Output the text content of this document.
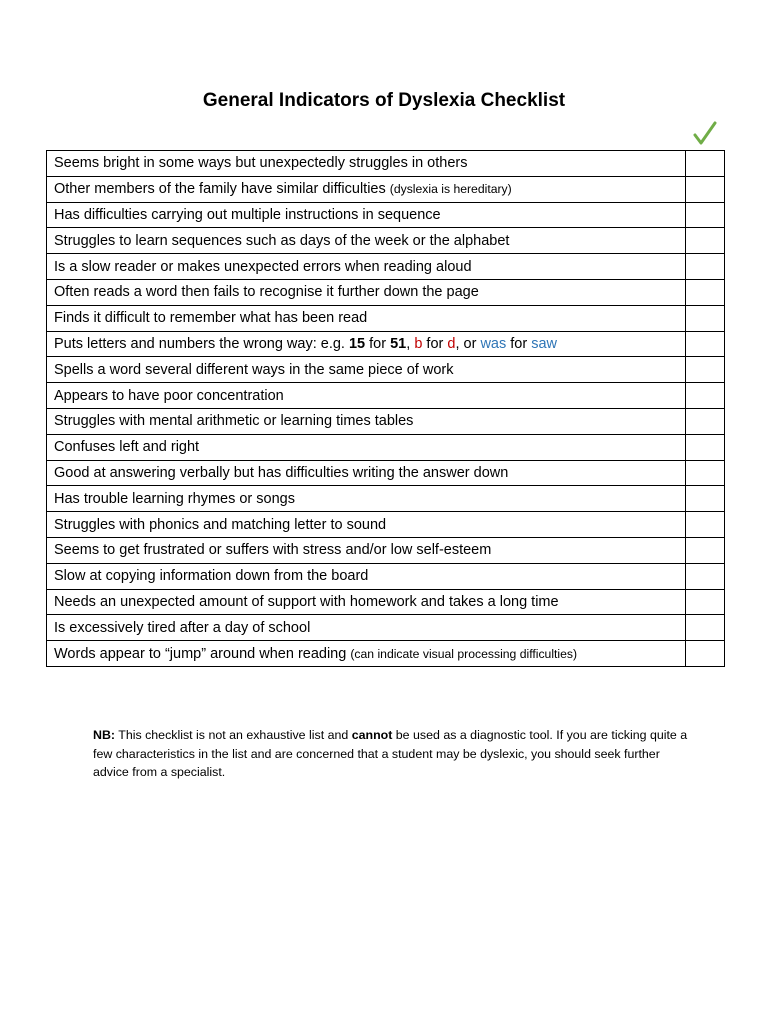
General Indicators of Dyslexia Checklist
Seems bright in some ways but unexpectedly struggles in others	
Other members of the family have similar difficulties (dyslexia is hereditary)	
Has difficulties carrying out multiple instructions in sequence	
Struggles to learn sequences such as days of the week or the alphabet	
Is a slow reader or makes unexpected errors when reading aloud	
Often reads a word then fails to recognise it further down the page	
Finds it difficult to remember what has been read	
Puts letters and numbers the wrong way: e.g. 15 for 51, b for d, or was for saw	
Spells a word several different ways in the same piece of work	
Appears to have poor concentration	
Struggles with mental arithmetic or learning times tables	
Confuses left and right	
Good at answering verbally but has difficulties writing the answer down	
Has trouble learning rhymes or songs	
Struggles with phonics and matching letter to sound	
Seems to get frustrated or suffers with stress and/or low self-esteem	
Slow at copying information down from the board	
Needs an unexpected amount of support with homework and takes a long time	
Is excessively tired after a day of school	
Words appear to “jump” around when reading (can indicate visual processing difficulties)	
NB: This checklist is not an exhaustive list and cannot be used as a diagnostic tool. If you are ticking quite a few characteristics in the list and are concerned that a student may be dyslexic, you should seek further advice from a specialist.
